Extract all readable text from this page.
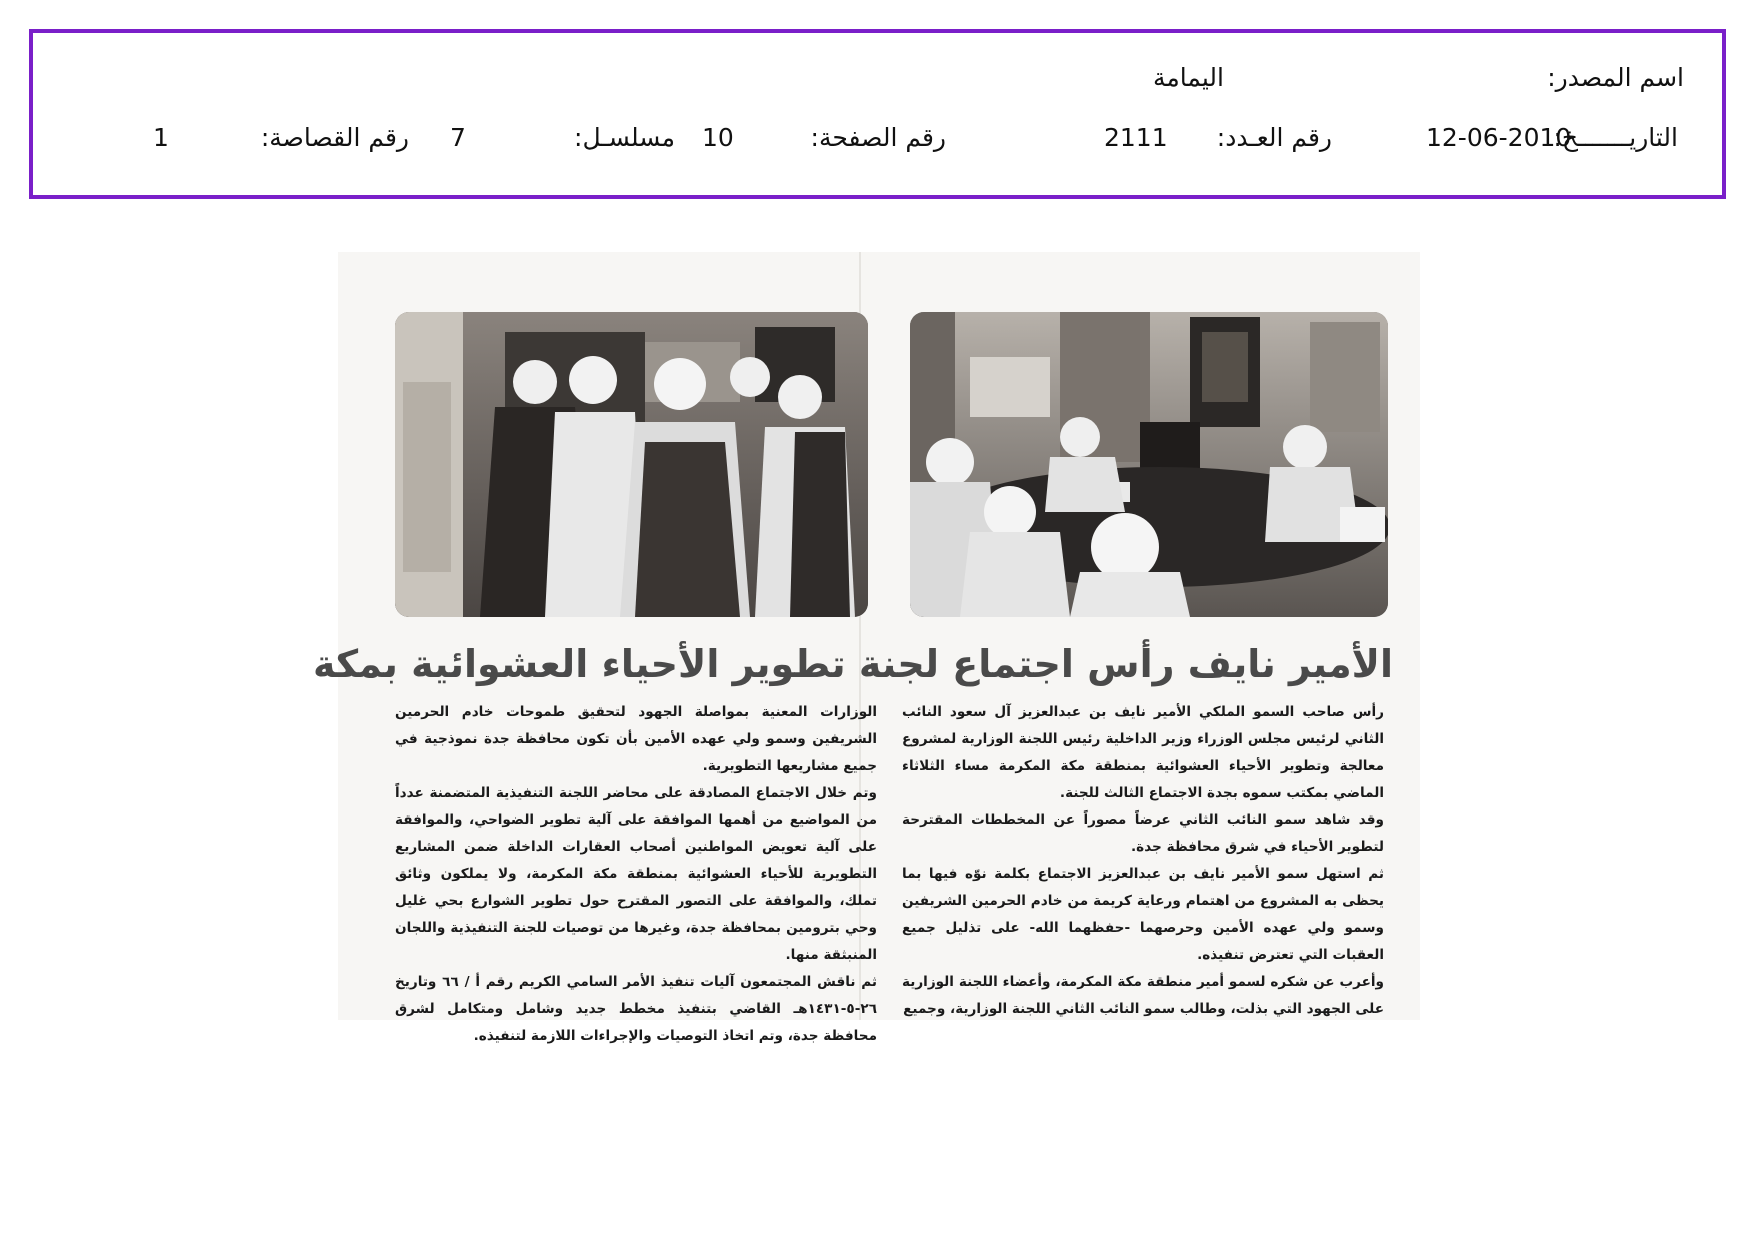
اسم المصدر:
اليمامة
التاريـــــــخ:
12-06-2010
رقم العـدد:
2111
رقم الصفحة:
10
مسلسـل:
7
رقم القصاصة:
1
الأمير نايف رأس اجتماع لجنة تطوير الأحياء العشوائية بمكة

رأس صاحب السمو الملكي الأمير نايف بن عبدالعزيز آل سعود النائب الثاني لرئيس مجلس الوزراء وزير الداخلية رئيس اللجنة الوزارية لمشروع معالجة وتطوير الأحياء العشوائية بمنطقة مكة المكرمة مساء الثلاثاء الماضي بمكتب سموه بجدة الاجتماع الثالث للجنة.

وقد شاهد سمو النائب الثاني عرضاً مصوراً عن المخططات المقترحة لتطوير الأحياء في شرق محافظة جدة.

ثم استهل سمو الأمير نايف بن عبدالعزيز الاجتماع بكلمة نوّه فيها بما يحظى به المشروع من اهتمام ورعاية كريمة من خادم الحرمين الشريفين وسمو ولي عهده الأمين وحرصهما -حفظهما الله- على تذليل جميع العقبات التي تعترض تنفيذه.

وأعرب عن شكره لسمو أمير منطقة مكة المكرمة، وأعضاء اللجنة الوزارية على الجهود التي بذلت، وطالب سمو النائب الثاني اللجنة الوزارية، وجميع

الوزارات المعنية بمواصلة الجهود لتحقيق طموحات خادم الحرمين الشريفين وسمو ولي عهده الأمين بأن تكون محافظة جدة نموذجية في جميع مشاريعها التطويرية.

وتم خلال الاجتماع المصادقة على محاضر اللجنة التنفيذية المتضمنة عدداً من المواضيع من أهمها الموافقة على آلية تطوير الضواحي، والموافقة على آلية تعويض المواطنين أصحاب العقارات الداخلة ضمن المشاريع التطويرية للأحياء العشوائية بمنطقة مكة المكرمة، ولا يملكون وثائق تملك، والموافقة على التصور المقترح حول تطوير الشوارع بحي غليل وحي بترومين بمحافظة جدة، وغيرها من توصيات للجنة التنفيذية واللجان المنبثقة منها.

ثم ناقش المجتمعون آليات تنفيذ الأمر السامي الكريم رقم أ / ٦٦ وتاريخ ٢٦-٥-١٤٣١هـ القاضي بتنفيذ مخطط جديد وشامل ومتكامل لشرق محافظة جدة، وتم اتخاذ التوصيات والإجراءات اللازمة لتنفيذه.
